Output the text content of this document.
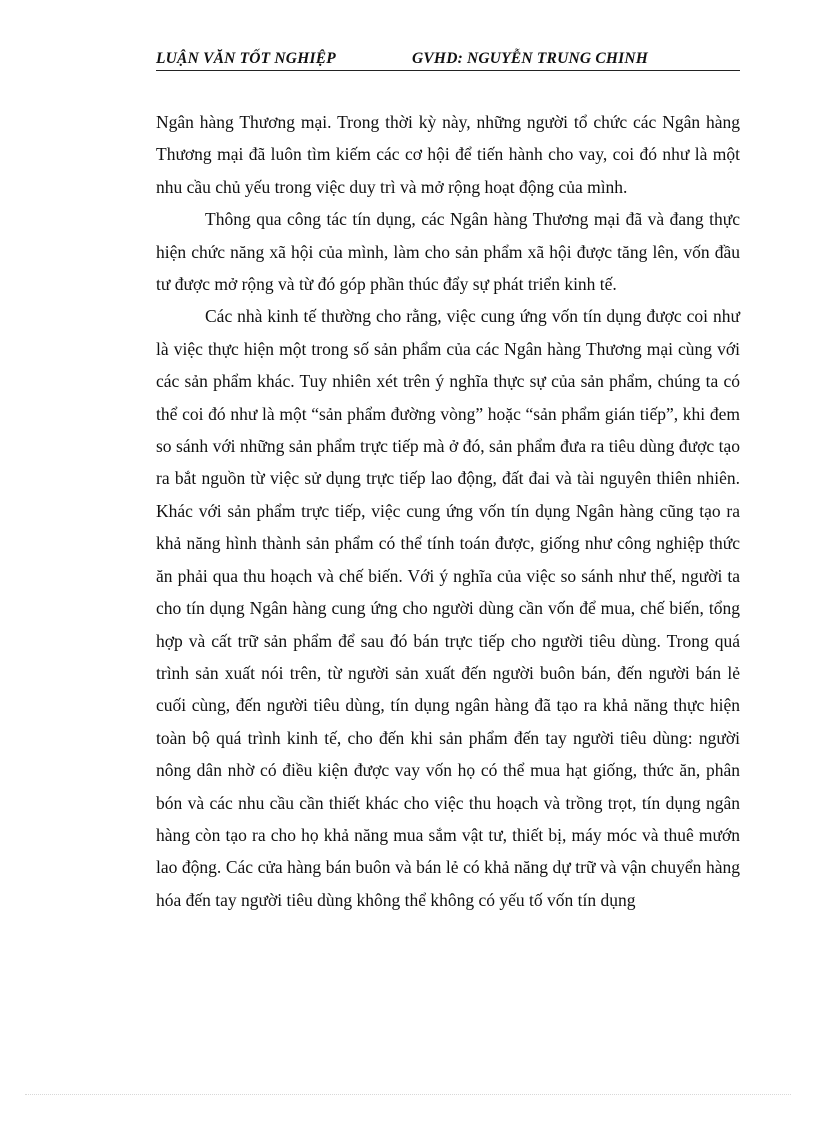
LUẬN VĂN TỐT NGHIỆP	GVHD: NGUYỄN TRUNG CHINH

Ngân hàng Thương mại. Trong thời kỳ này, những người tổ chức các Ngân hàng Thương mại đã luôn tìm kiếm các cơ hội để tiến hành cho vay, coi đó như là một nhu cầu chủ yếu trong việc duy trì và mở rộng hoạt động của mình.

Thông qua công tác tín dụng, các Ngân hàng Thương mại đã và đang thực hiện chức năng xã hội của mình, làm cho sản phẩm xã hội được tăng lên, vốn đầu tư được mở rộng và từ đó góp phần thúc đẩy sự phát triển kinh tế.

Các nhà kinh tế thường cho rằng, việc cung ứng vốn tín dụng được coi như là việc thực hiện một trong số sản phẩm của các Ngân hàng Thương mại cùng với các sản phẩm khác. Tuy nhiên xét trên ý nghĩa thực sự của sản phẩm, chúng ta có thể coi đó như là một “sản phẩm đường vòng” hoặc “sản phẩm gián tiếp”, khi đem so sánh với những sản phẩm trực tiếp mà ở đó, sản phẩm đưa ra tiêu dùng được tạo ra bắt nguồn từ việc sử dụng trực tiếp lao động, đất đai và tài nguyên thiên nhiên. Khác với sản phẩm trực tiếp, việc cung ứng vốn tín dụng Ngân hàng cũng tạo ra khả năng hình thành sản phẩm có thể tính toán được, giống như công nghiệp thức ăn phải qua thu hoạch và chế biến. Với ý nghĩa của việc so sánh như thế, người ta cho tín dụng Ngân hàng cung ứng cho người dùng cần vốn để mua, chế biến, tổng hợp và cất trữ sản phẩm để sau đó bán trực tiếp cho người tiêu dùng. Trong quá trình sản xuất nói trên, từ người sản xuất đến người buôn bán, đến người bán lẻ cuối cùng, đến người tiêu dùng, tín dụng ngân hàng đã tạo ra khả năng thực hiện toàn bộ quá trình kinh tế, cho đến khi sản phẩm đến tay người tiêu dùng: người nông dân nhờ có điều kiện được vay vốn họ có thể mua hạt giống, thức ăn, phân bón và các nhu cầu cần thiết khác cho việc thu hoạch và trồng trọt, tín dụng ngân hàng còn tạo ra cho họ khả năng mua sắm vật tư, thiết bị, máy móc và thuê mướn lao động. Các cửa hàng bán buôn và bán lẻ có khả năng dự trữ và vận chuyển hàng hóa đến tay người tiêu dùng không thể không có yếu tố vốn tín dụng
